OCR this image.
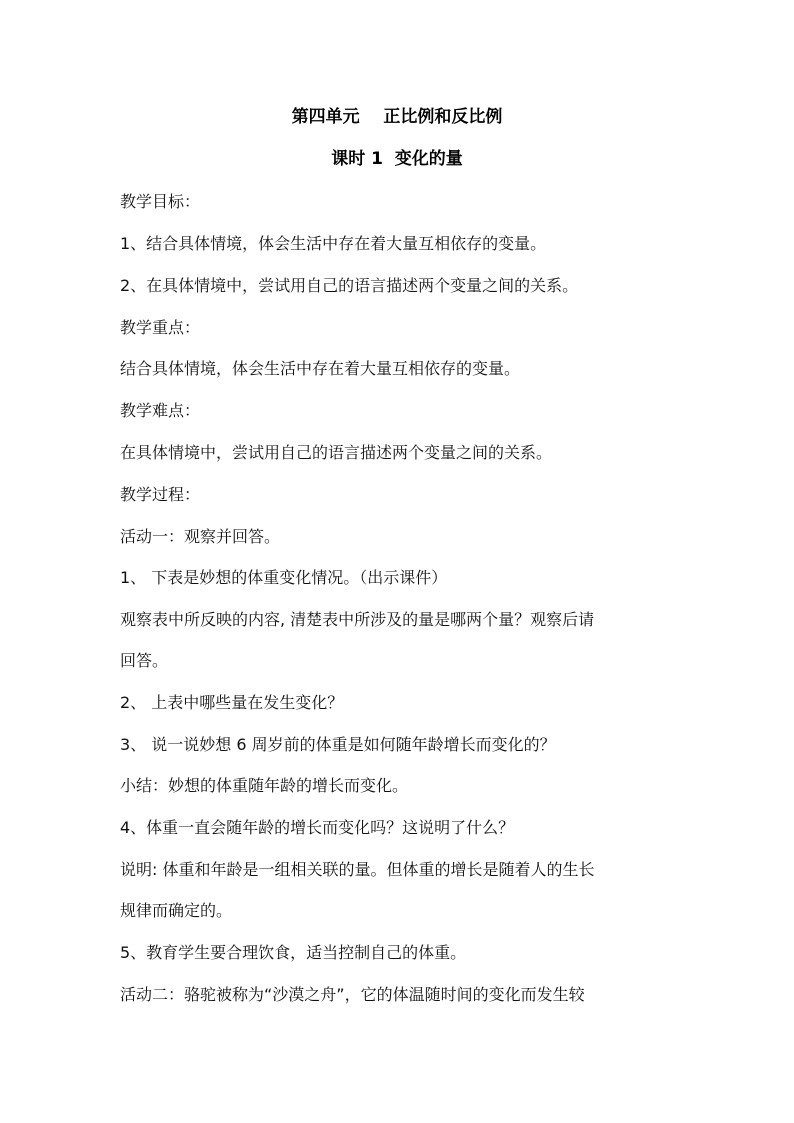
第四单元    正比例和反比例
课时 1  变化的量
教学目标：
1、结合具体情境，体会生活中存在着大量互相依存的变量。
2、在具体情境中，尝试用自己的语言描述两个变量之间的关系。
教学重点：
结合具体情境，体会生活中存在着大量互相依存的变量。
教学难点：
在具体情境中，尝试用自己的语言描述两个变量之间的关系。
教学过程：
活动一：观察并回答。
1、 下表是妙想的体重变化情况。（出示课件）
观察表中所反映的内容, 清楚表中所涉及的量是哪两个量？观察后请
回答。
2、 上表中哪些量在发生变化？
3、 说一说妙想 6 周岁前的体重是如何随年龄增长而变化的？
小结：妙想的体重随年龄的增长而变化。
4、体重一直会随年龄的增长而变化吗？这说明了什么？
说明: 体重和年龄是一组相关联的量。但体重的增长是随着人的生长
规律而确定的。
5、教育学生要合理饮食，适当控制自己的体重。
活动二：骆驼被称为“沙漠之舟”，它的体温随时间的变化而发生较
